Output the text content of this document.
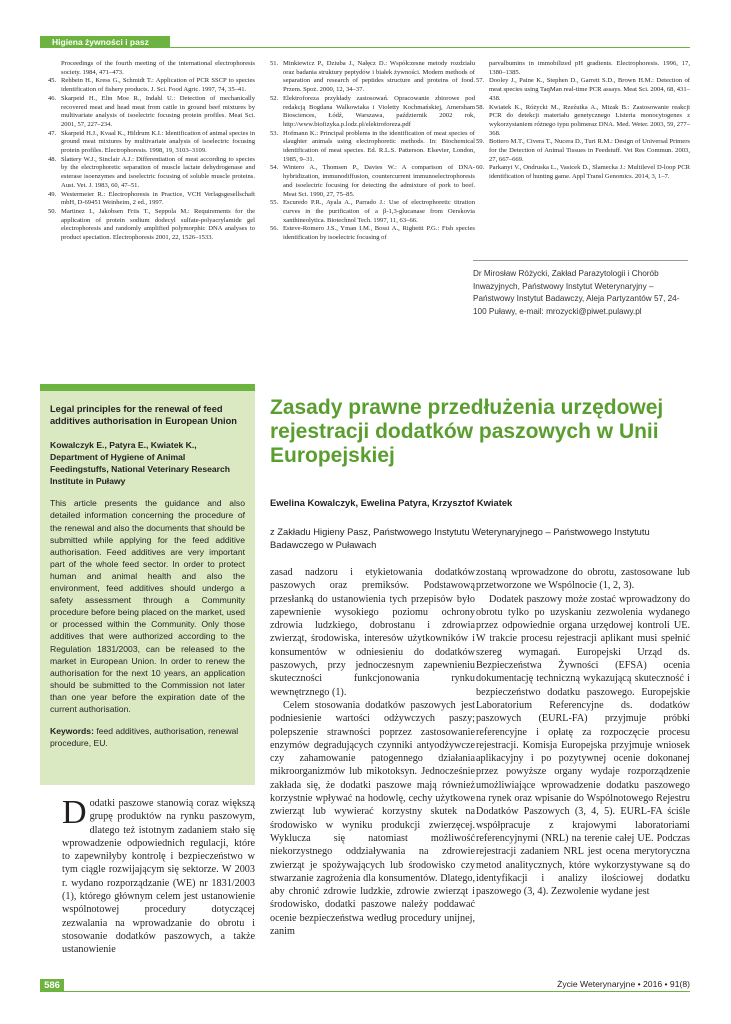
Higiena żywności i pasz
Proceedings of the fourth meeting of the international electrophoresis society. 1984, 471–473.
45. Rehbein H., Kress G., Schmidt T.: Application of PCR SSCP to species identification of fishery products. J. Sci. Food Agric. 1997, 74, 35–41.
46. Skarpeid H., Elin Moe R., Indahl U.: Detection of mechanically recovered meat and head meat from cattle in ground beef mixtures by multivariate analysis of isoelectric focusing protein profiles. Meat Sci. 2001, 57, 227–234.
47. Skarpeid H.J., Kvaal K., Hildrum K.I.: Identification of animal species in ground meat mixtures by multivariate analysis of isoelectric focusing protein profiles. Electrophoresis. 1998, 19, 3103–3109.
48. Slattery W.J., Sinclair A.J.: Differentiation of meat according to species by the electrophoretic separation of muscle lactate dehydrogenase and esterase isoenzymes and isoelectric focusing of soluble muscle proteins. Aust. Vet. J. 1983, 60, 47–51.
49. Westermeier R.: Electrophoresis in Practice, VCH Verlagsgesellschaft mbH, D-69451 Weinheim, 2 ed., 1997.
50. Martinez I., Jakobsen Friis T., Seppola M.: Requirements for the application of protein sodium dodecyl sulfate-polyacrylamide gel electrophoresis and randomly amplified polymorphic DNA analyses to product speciation. Electrophoresis 2001, 22, 1526–1533.
51. Minkiewicz P., Dziuba J., Nałęcz D.: Współczesne metody rozdziału oraz badania struktury peptydów i białek żywności. Modern methods of separation and research of peptides structure and proteins of food. Przem. Spoż. 2000, 12, 34–37.
52. Elektroforeza przykłady zastosowań. Opracowanie zbiorowe pod redakcją Bogdana Walkowiaka i Violetty Kochmańskiej, Amersham Biosciences, Łódź, Warszawa, październik 2002 rok, http://www.biofizyka.p.lodz.pl/elektroforeza.pdf
53. Hofmann K.: Principal problems in the identification of meat species of slaughter animals using electrophoretic methods. In: Biochemical identification of meat species. Ed. R.L.S. Patterson. Elsevier, London, 1985, 9–31.
54. Wintero A., Thomsen P., Davies W.: A comparison of DNA-hybridization, immunodiffusion, countercurrent immunoelectrophoresis and isoelectric focusing for detecting the admixture of pork to beef. Meat Sci. 1990, 27, 75–85.
55. Escuredo P.R., Ayala A., Parrado J.: Use of electrophoretic titration curves in the purification of a β-1,3-glucanase from Oerskovia xanthineolytica. Biotechnol Tech. 1997, 11, 63–66.
56. Esteve-Romero J.S., Yman I.M., Bossi A., Righetti P.G.: Fish species identification by isoelectric focusing of
parvalbumins in immobilized pH gradients. Electrophoresis. 1996, 17, 1380–1385.
57. Dooley J., Paine K., Stephen D., Garrett S.D., Brown H.M.: Detection of meat species using TaqMan real-time PCR assays. Meat Sci. 2004, 68, 431–438.
58. Kwiatek K., Różycki M., Rzeźutka A., Mizak B.: Zastosowanie reakcji PCR do detekcji materiału genetycznego Listeria monocytogenes z wykorzystaniem różnego typu polimeraz DNA. Med. Weter. 2003, 59, 277–368.
59. Bottero M.T., Civera T., Nucera D., Turi R.M.: Design of Universal Primers for the Detection of Animal Tissues in Feedstuff. Vet Res Commun. 2003, 27, 667–669.
60. Parkanyi V., Ondruska L., Vasicek D., Slamecka J.: Multilevel D-loop PCR identification of hunting game. Appl Transl Genomics. 2014, 3, 1–7.
Dr Mirosław Różycki, Zakład Parazytologii i Chorób Inwazyjnych, Państwowy Instytut Weterynaryjny – Państwowy Instytut Badawczy, Aleja Partyzantów 57, 24-100 Puławy, e-mail: mrozycki@piwet.pulawy.pl

Legal principles for the renewal of feed additives authorisation in European Union

Kowalczyk E., Patyra E., Kwiatek K., Department of Hygiene of Animal Feedingstuffs, National Veterinary Research Institute in Puławy

This article presents the guidance and also detailed information concerning the procedure of the renewal and also the documents that should be submitted while applying for the feed additive authorisation. Feed additives are very important part of the whole feed sector. In order to protect human and animal health and also the environment, feed additives should undergo a safety assessment through a Community procedure before being placed on the market, used or processed within the Community. Only those additives that were authorized according to the Regulation 1831/2003, can be released to the market in European Union. In order to renew the authorisation for the next 10 years, an application should be submitted to the Commission not later than one year before the expiration date of the current authorisation.

Keywords: feed additives, authorisation, renewal procedure, EU.

Zasady prawne przedłużenia urzędowej rejestracji dodatków paszowych w Unii Europejskiej
Ewelina Kowalczyk, Ewelina Patyra, Krzysztof Kwiatek
z Zakładu Higieny Pasz, Państwowego Instytutu Weterynaryjnego – Państwowego Instytutu Badawczego w Puławach

Dodatki paszowe stanowią coraz większą grupę produktów na rynku paszowym, dlatego też istotnym zadaniem stało się wprowadzenie odpowiednich regulacji, które to zapewniłyby kontrolę i bezpieczeństwo w tym ciągle rozwijającym się sektorze. W 2003 r. wydano rozporządzanie (WE) nr 1831/2003 (1), którego głównym celem jest ustanowienie wspólnotowej procedury dotyczącej zezwalania na wprowadzanie do obrotu i stosowanie dodatków paszowych, a także ustanowienie

zasad nadzoru i etykietowania dodatków paszowych oraz premiksów. Podstawową przesłanką do ustanowienia tych przepisów było zapewnienie wysokiego poziomu ochrony zdrowia ludzkiego, dobrostanu i zdrowia zwierząt, środowiska, interesów użytkowników i konsumentów w odniesieniu do dodatków paszowych, przy jednoczesnym zapewnieniu skuteczności funkcjonowania rynku wewnętrznego (1).

Celem stosowania dodatków paszowych jest podniesienie wartości odżywczych paszy; polepszenie strawności poprzez zastosowanie enzymów degradujących czynniki antyodżywcze czy zahamowanie patogennego działania mikroorganizmów lub mikotoksyn. Jednocześnie zakłada się, że dodatki paszowe mają również korzystnie wpływać na hodowlę, cechy użytkowe zwierząt lub wywierać korzystny skutek na środowisko w wyniku produkcji zwierzęcej. Wyklucza się natomiast możliwość niekorzystnego oddziaływania na zdrowie zwierząt je spożywających lub środowisko czy stwarzanie zagrożenia dla konsumentów. Dlatego, aby chronić zdrowie ludzkie, zdrowie zwierząt i środowisko, dodatki paszowe należy poddawać ocenie bezpieczeństwa według procedury unijnej, zanim

zostaną wprowadzone do obrotu, zastosowane lub przetworzone we Wspólnocie (1, 2, 3).

Dodatek paszowy może zostać wprowadzony do obrotu tylko po uzyskaniu zezwolenia wydanego przez odpowiednie organa urzędowej kontroli UE. W trakcie procesu rejestracji aplikant musi spełnić szereg wymagań. Europejski Urząd ds. Bezpieczeństwa Żywności (EFSA) ocenia dokumentację techniczną wykazującą skuteczność i bezpieczeństwo dodatku paszowego. Europejskie Laboratorium Referencyjne ds. dodatków paszowych (EURL-FA) przyjmuje próbki referencyjne i opłatę za rozpoczęcie procesu rejestracji. Komisja Europejska przyjmuje wniosek aplikacyjny i po pozytywnej ocenie dokonanej przez powyższe organy wydaje rozporządzenie umożliwiające wprowadzenie dodatku paszowego na rynek oraz wpisanie do Wspólnotowego Rejestru Dodatków Paszowych (3, 4, 5). EURL-FA ściśle współpracuje z krajowymi laboratoriami referencyjnymi (NRL) na terenie całej UE. Podczas rejestracji zadaniem NRL jest ocena merytoryczna metod analitycznych, które wykorzystywane są do identyfikacji i analizy ilościowej dodatku paszowego (3, 4). Zezwolenie wydane jest

586	Życie Weterynaryjne • 2016 • 91(8)
